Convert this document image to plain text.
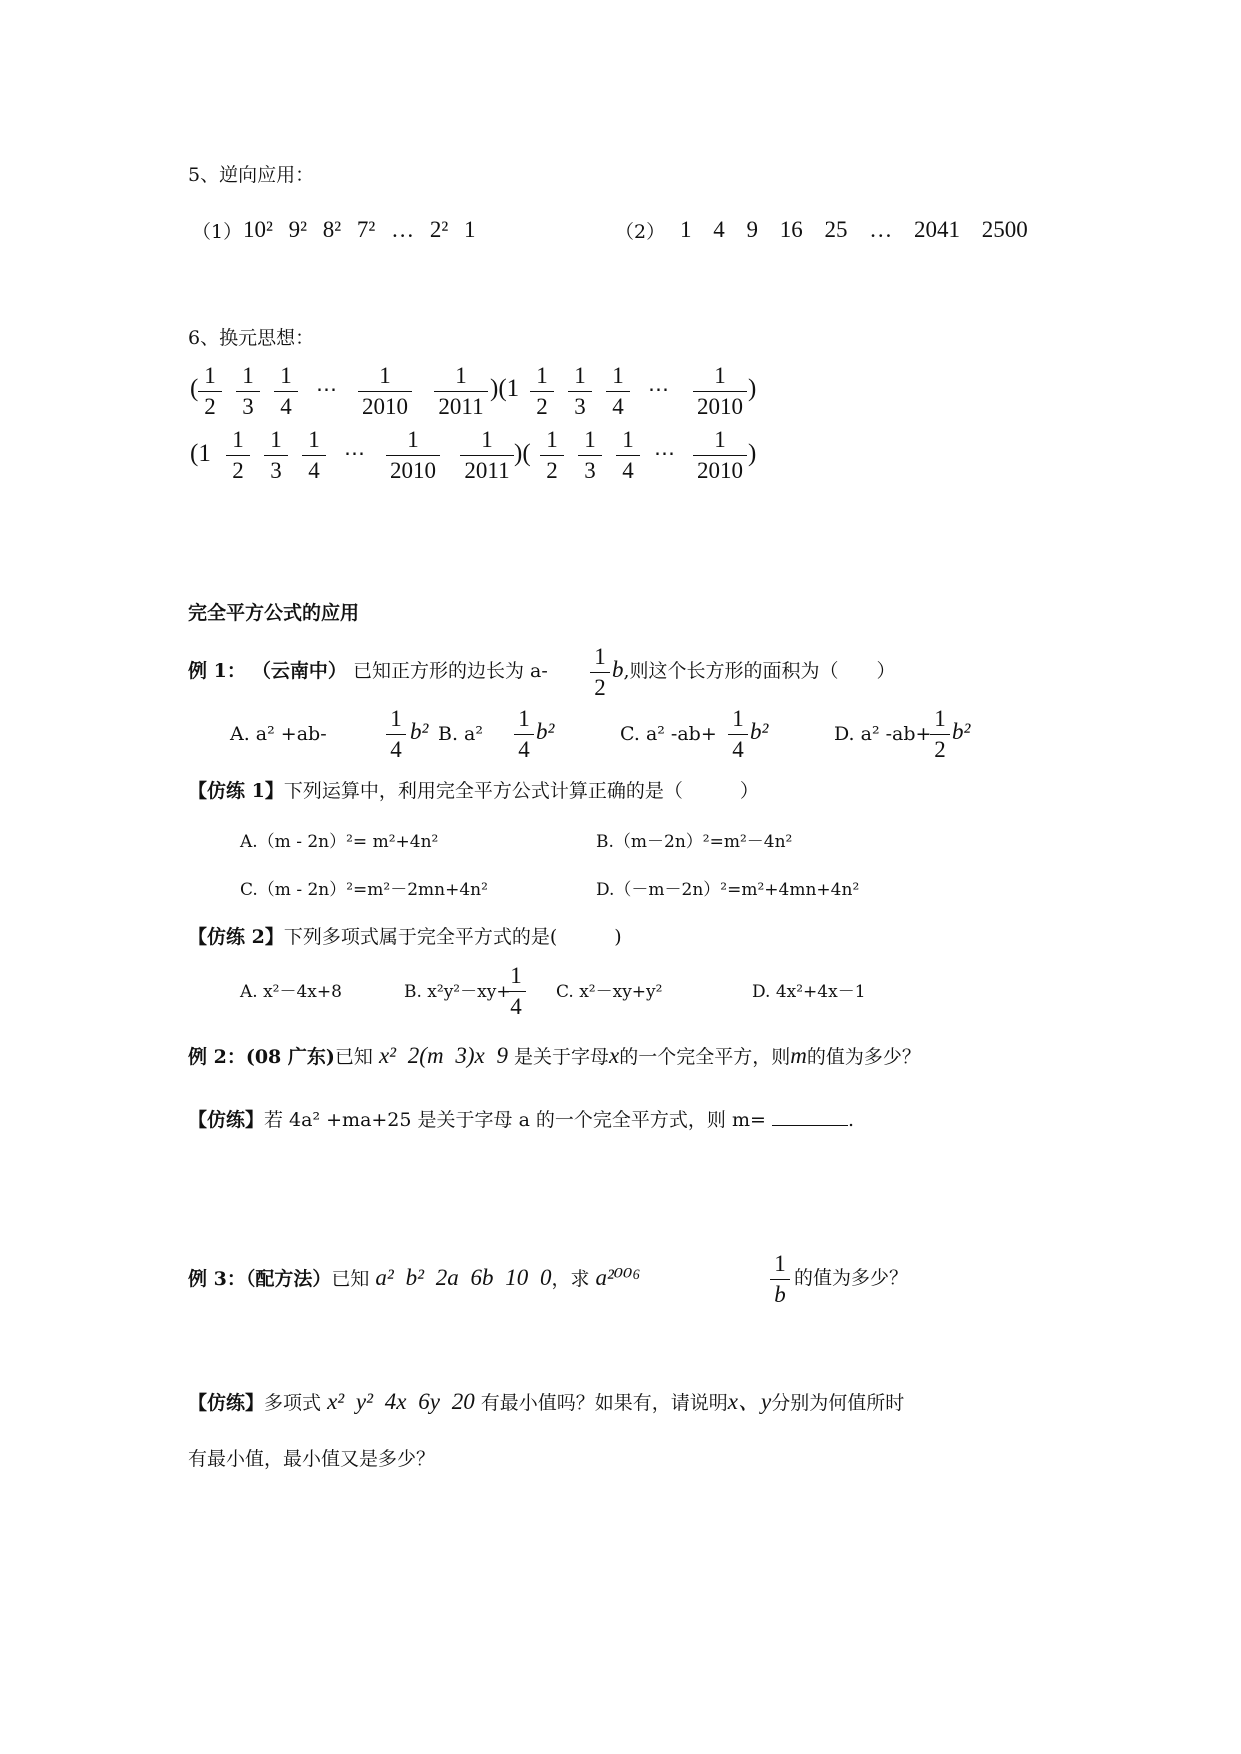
5、逆向应用：
（1） 10² 9² 8² 7² … 2² 1	（2） 1 4 9 16 25 … 2041 2500
6、换元思想：
( 1
2
1
3
1
4
⋯
1
2010
1
2011
)(1 1
2
1
3
1
4
⋯
1
2010
)
(1
1
2
1
3
1
4
⋯
1
2010
1
2011
)(
1
2
1
3
1
4
⋯
1
2010
)
完全平方公式的应用
例 1： （云南中） 已知正方形的边长为 a-
1
2
b,则这个长方形的面积为（　　）
A. a² +ab-
1
4
b² B. a²
1
4
b²	C. a² -ab+
1
4
b²	D. a² -ab+
1
2
b²
【仿练 1】下列运算中，利用完全平方公式计算正确的是（　　　）
A.（m - 2n）²= m²+4n²	B.（m－2n）²=m²－4n²
C.（m - 2n）²=m²－2mn+4n²	D.（－m－2n）²=m²+4mn+4n²
【仿练 2】下列多项式属于完全平方式的是(　　　)
A. x²－4x+8	B. x²y²－xy+
1
4
C. x²－xy+y²	D. 4x²+4x－1
例 2：(08 广东)已知 x² 2(m 3)x 9 是关于字母x的一个完全平方，则m的值为多少？
【仿练】若 4a² +ma+25 是关于字母 a 的一个完全平方式，则 m=	.
例 3：（配方法）已知 a² b² 2a 6b 10 0，求 a²⁰⁰⁶
1
b
的值为多少？
【仿练】多项式 x² y² 4x 6y 20 有最小值吗？如果有，请说明x、y分别为何值所时
有最小值，最小值又是多少？
